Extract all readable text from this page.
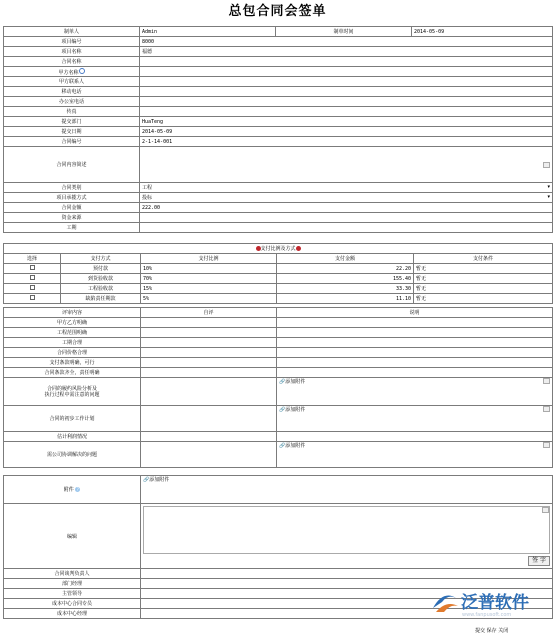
总包合同会签单
制单人	Admin	制单时间	2014-05-09
项目编号	8000		
项目名称	福德		
合同名称			
甲方名称			
甲方联系人			
移动电话			
办公室电话			
传真			
提交部门	HuaTeng		
提交日期	2014-05-09		
合同编号	2-1-14-001		
合同内容简述			

合同类别	工程 ▾		

项目承揽方式	投标 ▾		

合同金额	222.00		
资金来源			
工期			
支付比例及方式				
选择	支付方式	支付比例	支付金额	支付条件
	预付款	10%	22.20	暂无
	到货验收款	70%	155.40	暂无
	工程验收款	15%	33.30	暂无
	缺陷责任期款	5%	11.10	暂无
评审内容	自评	说明
甲方乙方明确		
工程范围明确		
工期合理		
合同价格合理		
支付条款明确，可行		
合同条款齐全，责任明确		
合同的履约风险分析及
执行过程中需注意的问题		🔗添加附件

合同的初步工作计划		🔗添加附件

估计利润情况		
需公司协调解决的问题		🔗添加附件
附件 ?	🔗添加附件
编辑	签 字

合同谈判负责人	
部门经理	
主管领导	
成本中心合同专员	
成本中心经理	
泛普软件
www.fanpusoft.com
提交 保存 关闭
